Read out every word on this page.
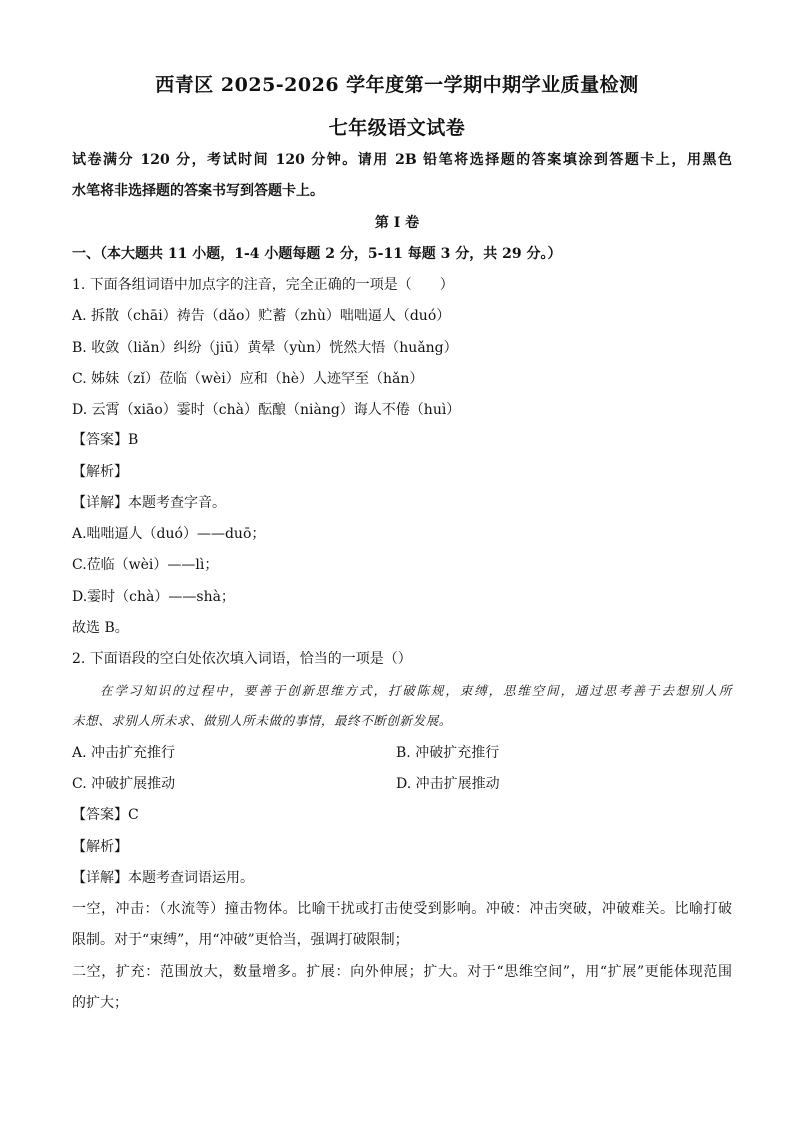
西青区 2025-2026 学年度第一学期中期学业质量检测
七年级语文试卷
试卷满分 120 分，考试时间 120 分钟。请用 2B 铅笔将选择题的答案填涂到答题卡上，用黑色
水笔将非选择题的答案书写到答题卡上。
第 I 卷
一、（本大题共 11 小题，1-4 小题每题 2 分，5-11 每题 3 分，共 29 分。）
1. 下面各组词语中加点字的注音，完全正确的一项是（　　）
A. 拆散（chāi）祷告（dǎo）贮蓄（zhù）咄咄逼人（duó）
B. 收敛（liǎn）纠纷（jiū）黄晕（yùn）恍然大悟（huǎng）
C. 姊妹（zǐ）莅临（wèi）应和（hè）人迹罕至（hǎn）
D. 云霄（xiāo）霎时（chà）酝酿（niàng）诲人不倦（huì）
【答案】B
【解析】
【详解】本题考查字音。
A.咄咄逼人（duó）——duō；
C.莅临（wèi）——lì；
D.霎时（chà）——shà；
故选 B。
2. 下面语段的空白处依次填入词语，恰当的一项是（）
在学习知识的过程中，要善于创新思维方式，打破陈规，束缚，思维空间，通过思考善于去想别人所
未想、求别人所未求、做别人所未做的事情，最终不断创新发展。
A. 冲击扩充推行	B. 冲破扩充推行
C. 冲破扩展推动	D. 冲击扩展推动
【答案】C
【解析】
【详解】本题考查词语运用。
一空，冲击：（水流等）撞击物体。比喻干扰或打击使受到影响。冲破：冲击突破，冲破难关。比喻打破
限制。对于“束缚”，用“冲破”更恰当，强调打破限制；
二空，扩充：范围放大，数量增多。扩展：向外伸展；扩大。对于“思维空间”，用“扩展”更能体现范围
的扩大；
